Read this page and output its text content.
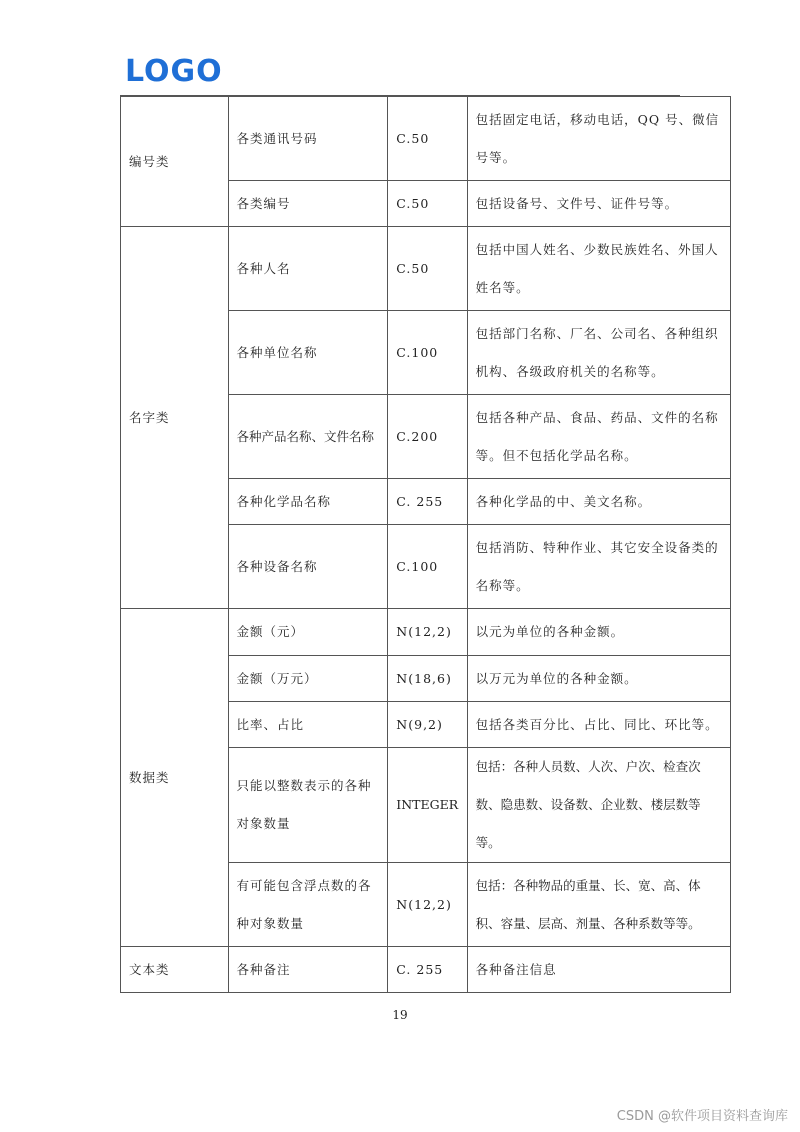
LOGO
编号类	各类通讯号码	C.50	包括固定电话，移动电话，QQ 号、微信号等。
	各类编号	C.50	包括设备号、文件号、证件号等。
名字类	各种人名	C.50	包括中国人姓名、少数民族姓名、外国人姓名等。
	各种单位名称	C.100	包括部门名称、厂名、公司名、各种组织机构、各级政府机关的名称等。
	各种产品名称、文件名称	C.200	包括各种产品、食品、药品、文件的名称等。但不包括化学品名称。
	各种化学品名称	C. 255	各种化学品的中、美文名称。
	各种设备名称	C.100	包括消防、特种作业、其它安全设备类的名称等。
数据类	金额（元）	N(12,2)	以元为单位的各种金额。
	金额（万元）	N(18,6)	以万元为单位的各种金额。
	比率、占比	N(9,2)	包括各类百分比、占比、同比、环比等。
	只能以整数表示的各种对象数量	INTEGER	包括：各种人员数、人次、户次、检查次数、隐患数、设备数、企业数、楼层数等等。
	有可能包含浮点数的各种对象数量	N(12,2)	包括：各种物品的重量、长、宽、高、体积、容量、层高、剂量、各种系数等等。
文本类	各种备注	C. 255	各种备注信息
19
CSDN @软件项目资料查询库
